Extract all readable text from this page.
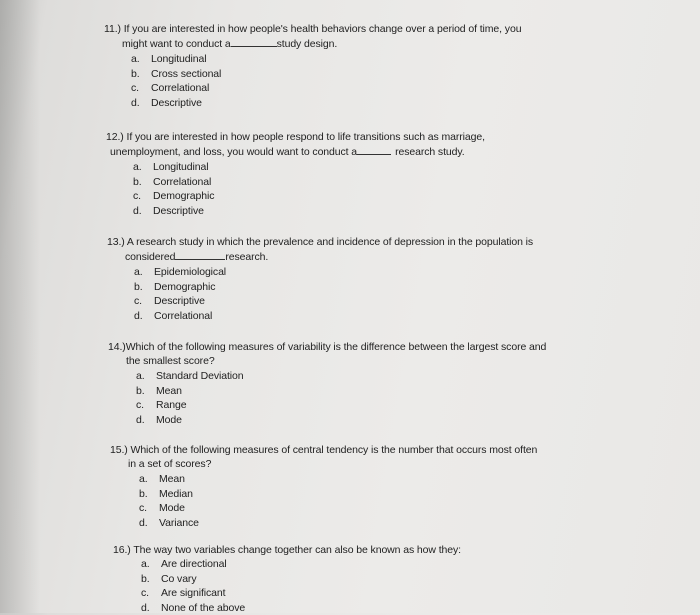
11.) If you are interested in how people's health behaviors change over a period of time, you
might want to conduct a	study design.
a. Longitudinal
b. Cross sectional
c. Correlational
d. Descriptive
12.) If you are interested in how people respond to life transitions such as marriage,
unemployment, and loss, you would want to conduct a	research study.
a. Longitudinal
b. Correlational
c. Demographic
d. Descriptive
13.) A research study in which the prevalence and incidence of depression in the population is
considered	research.
a. Epidemiological
b. Demographic
c. Descriptive
d. Correlational
14.)Which of the following measures of variability is the difference between the largest score and
the smallest score?
a. Standard Deviation
b. Mean
c. Range
d. Mode
15.) Which of the following measures of central tendency is the number that occurs most often
in a set of scores?
a. Mean
b. Median
c. Mode
d. Variance
16.) The way two variables change together can also be known as how they:
a. Are directional
b. Co vary
c. Are significant
d. None of the above
